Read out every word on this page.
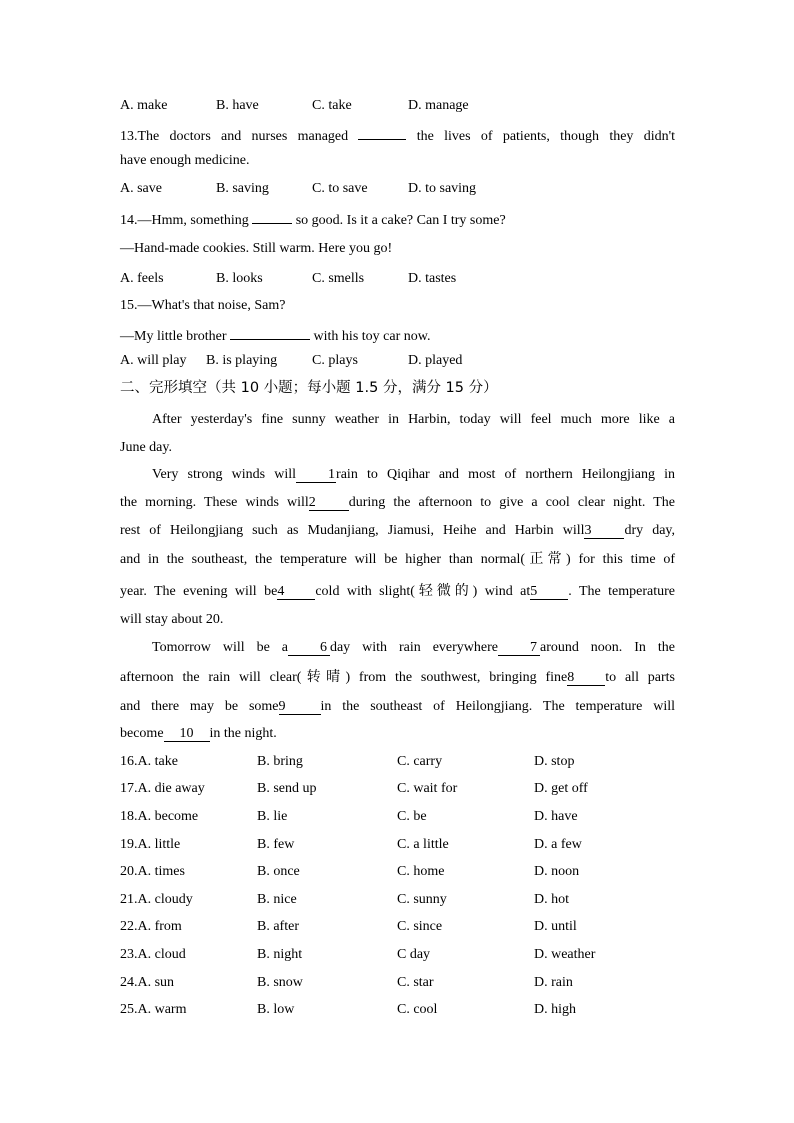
A. make	B. have	C. take	D. manage
13.The doctors and nurses managed	the lives of patients, though they didn't
have enough medicine.
A. save	B. saving	C. to save	D. to saving
14.—Hmm, something	so good. Is it a cake? Can I try some?
—Hand-made cookies. Still warm. Here you go!
A. feels	B. looks	C. smells	D. tastes
15.—What's that noise, Sam?
—My little brother	with his toy car now.
A. will play B. is playing C. plays	D. played
二、完形填空（共 10 小题；每小题 1.5 分，满分 15 分）
After yesterday's fine sunny weather in Harbin, today will feel much more like a
June day.
Very strong winds will 1rain to Qiqihar and most of northern Heilongjiang in
the morning. These winds will2 during the afternoon to give a cool clear night. The
rest of Heilongjiang such as Mudanjiang, Jiamusi, Heihe and Harbin will3 dry day,
and in the southeast, the temperature will be higher than normal(正常) for this time of
year. The evening will be4 cold with slight(轻微的) wind at5 . The temperature
will stay about 20.
Tomorrow will be a 6 day with rain everywhere 7 around noon. In the
afternoon the rain will clear(转晴) from the southwest, bringing fine8 to all parts
and there may be some9	in the southeast of Heilongjiang. The temperature will
become 10 in the night.
16.A. take	B. bring	C. carry	D. stop
17.A. die away	B. send up	C. wait for	D. get off
18.A. become	B. lie	C. be	D. have
19.A. little	B. few	C. a little	D. a few
20.A. times	B. once	C. home	D. noon
21.A. cloudy	B. nice	C. sunny	D. hot
22.A. from	B. after	C. since	D. until
23.A. cloud	B. night	C day	D. weather
24.A. sun	B. snow	C. star	D. rain
25.A. warm	B. low	C. cool	D. high
